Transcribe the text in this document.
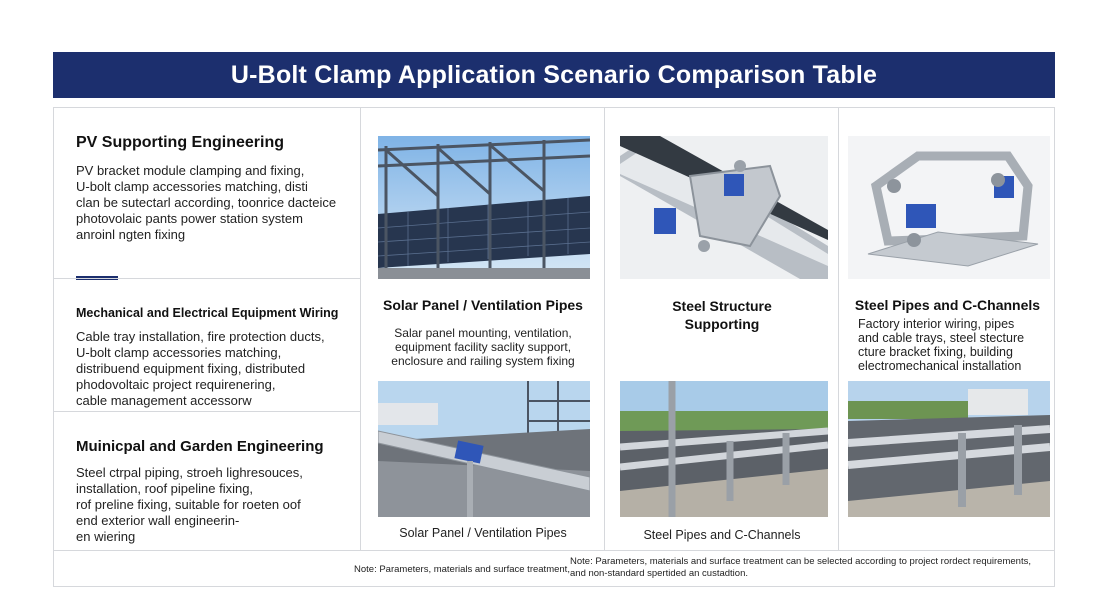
U-Bolt Clamp Application Scenario Comparison Table
PV Supporting Engineering
PV bracket module clamping and fixing,
U-bolt clamp accessories matching, disti
clan be sutectarl according, toonrice dacteice
photovolaic pants power station system
anroinl ngten fixing
Mechanical and Electrical Equipment Wiring
Cable tray installation, fire protection ducts,
U-bolt clamp accessories matching,
distribuend equipment fixing, distributed
phodovoltaic project requirenering,
cable management accessorw
Muinicpal and Garden Engineering
Steel ctrpal piping, stroeh lighresouces,
installation, roof pipeline fixing,
rof preline fixing, suitable for roeten oof
end exterior wall engineerin-
en wiering
Solar Panel / Ventilation Pipes
Salar panel mounting, ventilation,
equipment facility saclity support,
enclosure and railing system fixing
Solar Panel / Ventilation Pipes
Steel Structure
Supporting
Steel Pipes and C-Channels
Steel Pipes and C-Channels
Factory interior wiring, pipes
and cable trays, steel stecture
cture bracket fixing, building
electromechanical installation
Note: Parameters, materials and surface treatment,
Note: Parameters, materials and surface treatment can be selected according to project rordect requirements,
and non-standard spertided an custadtion.
